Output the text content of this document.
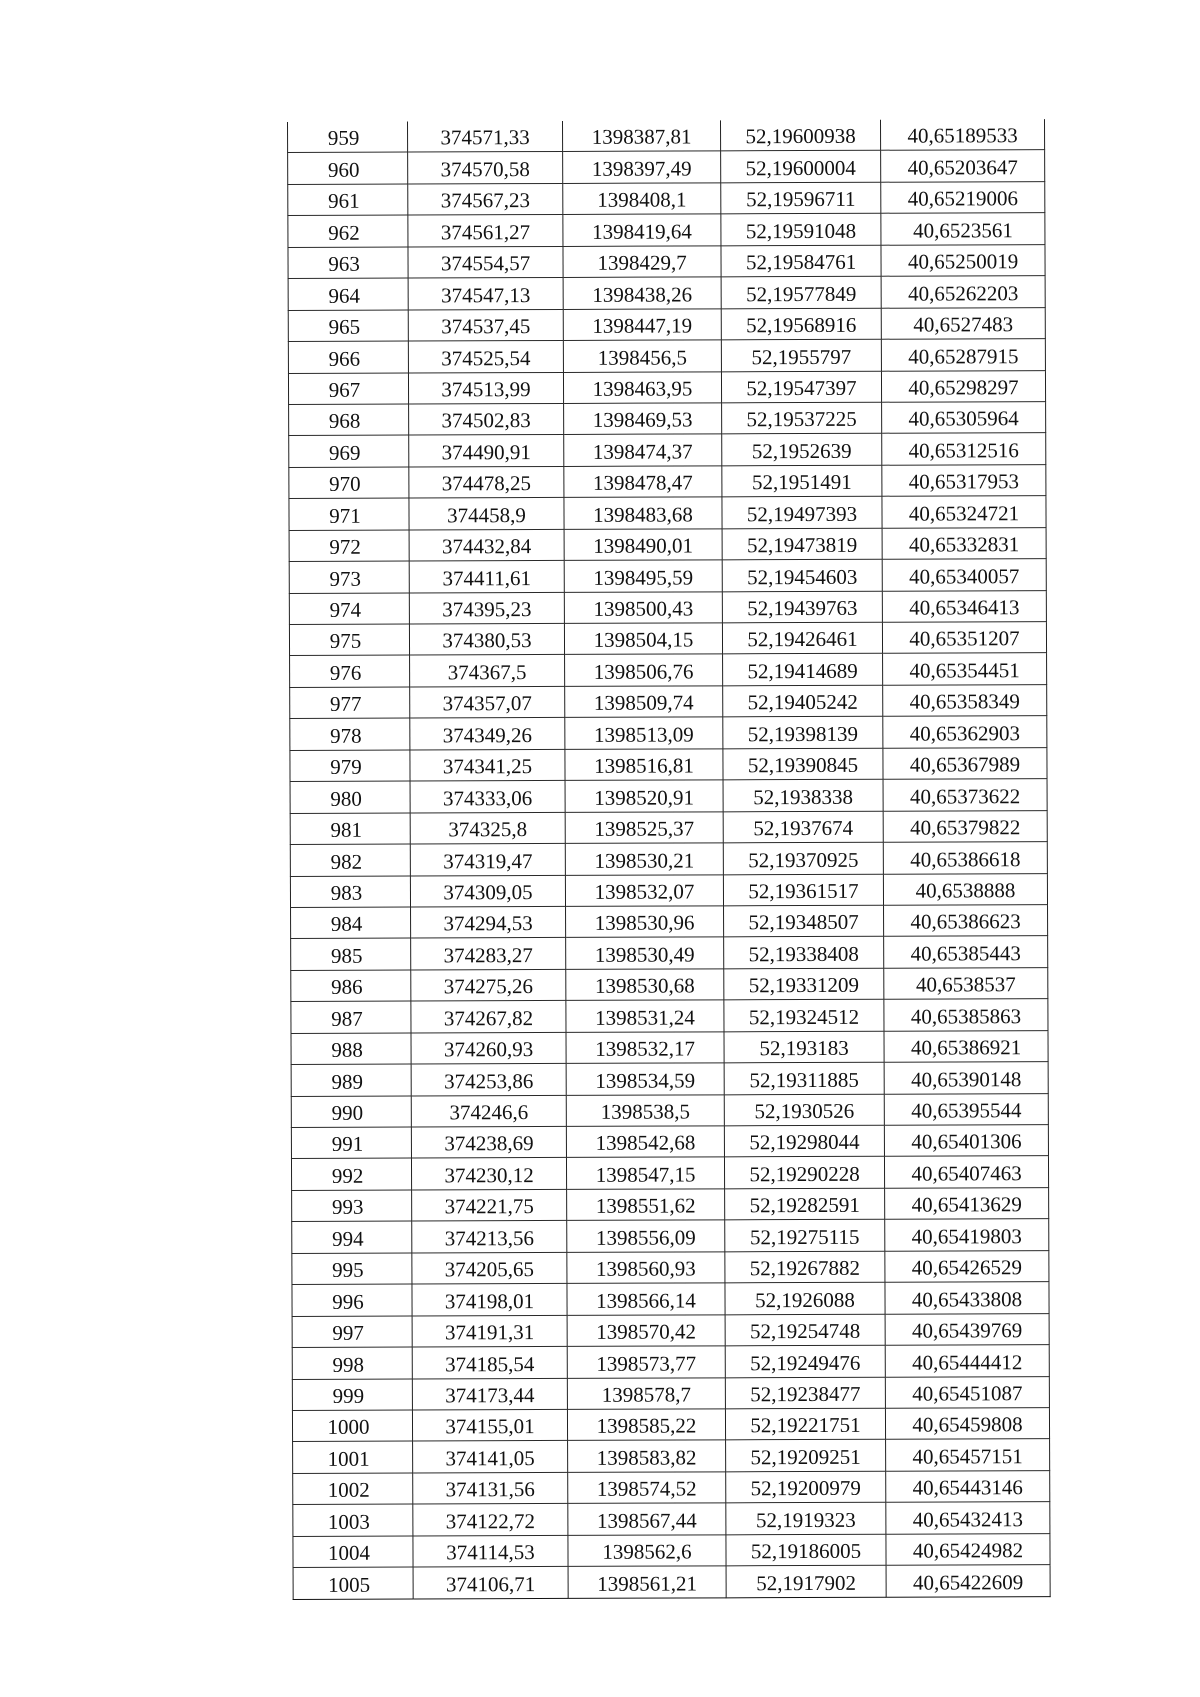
959	374571,33	1398387,81	52,19600938	40,65189533
960	374570,58	1398397,49	52,19600004	40,65203647
961	374567,23	1398408,1	52,19596711	40,65219006
962	374561,27	1398419,64	52,19591048	40,6523561
963	374554,57	1398429,7	52,19584761	40,65250019
964	374547,13	1398438,26	52,19577849	40,65262203
965	374537,45	1398447,19	52,19568916	40,6527483
966	374525,54	1398456,5	52,1955797	40,65287915
967	374513,99	1398463,95	52,19547397	40,65298297
968	374502,83	1398469,53	52,19537225	40,65305964
969	374490,91	1398474,37	52,1952639	40,65312516
970	374478,25	1398478,47	52,1951491	40,65317953
971	374458,9	1398483,68	52,19497393	40,65324721
972	374432,84	1398490,01	52,19473819	40,65332831
973	374411,61	1398495,59	52,19454603	40,65340057
974	374395,23	1398500,43	52,19439763	40,65346413
975	374380,53	1398504,15	52,19426461	40,65351207
976	374367,5	1398506,76	52,19414689	40,65354451
977	374357,07	1398509,74	52,19405242	40,65358349
978	374349,26	1398513,09	52,19398139	40,65362903
979	374341,25	1398516,81	52,19390845	40,65367989
980	374333,06	1398520,91	52,1938338	40,65373622
981	374325,8	1398525,37	52,1937674	40,65379822
982	374319,47	1398530,21	52,19370925	40,65386618
983	374309,05	1398532,07	52,19361517	40,6538888
984	374294,53	1398530,96	52,19348507	40,65386623
985	374283,27	1398530,49	52,19338408	40,65385443
986	374275,26	1398530,68	52,19331209	40,6538537
987	374267,82	1398531,24	52,19324512	40,65385863
988	374260,93	1398532,17	52,193183	40,65386921
989	374253,86	1398534,59	52,19311885	40,65390148
990	374246,6	1398538,5	52,1930526	40,65395544
991	374238,69	1398542,68	52,19298044	40,65401306
992	374230,12	1398547,15	52,19290228	40,65407463
993	374221,75	1398551,62	52,19282591	40,65413629
994	374213,56	1398556,09	52,19275115	40,65419803
995	374205,65	1398560,93	52,19267882	40,65426529
996	374198,01	1398566,14	52,1926088	40,65433808
997	374191,31	1398570,42	52,19254748	40,65439769
998	374185,54	1398573,77	52,19249476	40,65444412
999	374173,44	1398578,7	52,19238477	40,65451087
1000	374155,01	1398585,22	52,19221751	40,65459808
1001	374141,05	1398583,82	52,19209251	40,65457151
1002	374131,56	1398574,52	52,19200979	40,65443146
1003	374122,72	1398567,44	52,1919323	40,65432413
1004	374114,53	1398562,6	52,19186005	40,65424982
1005	374106,71	1398561,21	52,1917902	40,65422609
